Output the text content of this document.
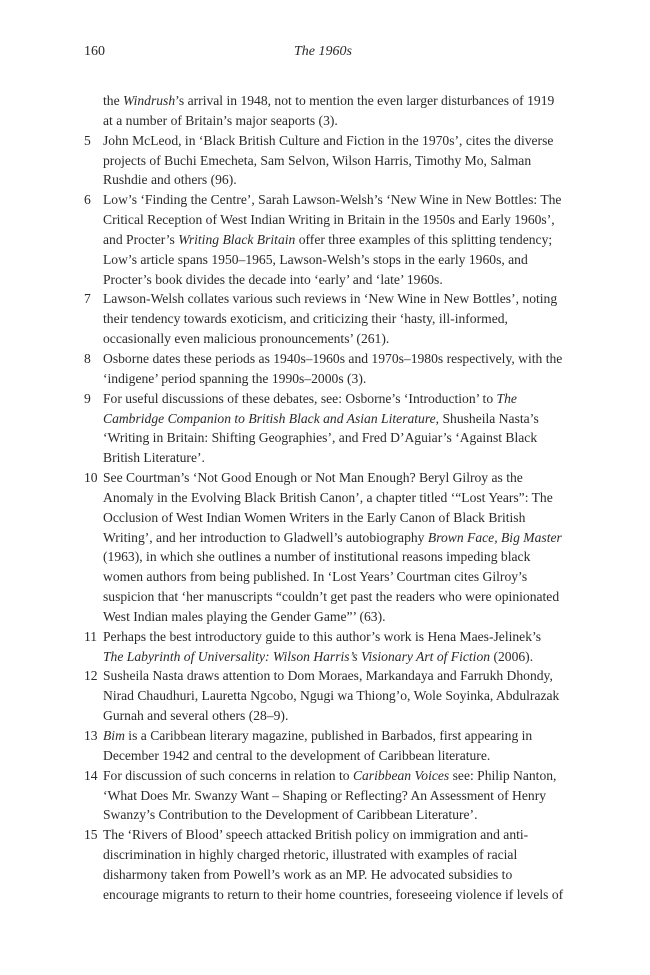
160	The 1960s
the Windrush’s arrival in 1948, not to mention the even larger disturbances of 1919 at a number of Britain’s major seaports (3).
5 John McLeod, in ‘Black British Culture and Fiction in the 1970s’, cites the diverse projects of Buchi Emecheta, Sam Selvon, Wilson Harris, Timothy Mo, Salman Rushdie and others (96).
6 Low’s ‘Finding the Centre’, Sarah Lawson-Welsh’s ‘New Wine in New Bottles: The Critical Reception of West Indian Writing in Britain in the 1950s and Early 1960s’, and Procter’s Writing Black Britain offer three examples of this splitting tendency; Low’s article spans 1950–1965, Lawson-Welsh’s stops in the early 1960s, and Procter’s book divides the decade into ‘early’ and ‘late’ 1960s.
7 Lawson-Welsh collates various such reviews in ‘New Wine in New Bottles’, noting their tendency towards exoticism, and criticizing their ‘hasty, ill-informed, occasionally even malicious pronouncements’ (261).
8 Osborne dates these periods as 1940s–1960s and 1970s–1980s respectively, with the ‘indigene’ period spanning the 1990s–2000s (3).
9 For useful discussions of these debates, see: Osborne’s ‘Introduction’ to The Cambridge Companion to British Black and Asian Literature, Shusheila Nasta’s ‘Writing in Britain: Shifting Geographies’, and Fred D’Aguiar’s ‘Against Black British Literature’.
10 See Courtman’s ‘Not Good Enough or Not Man Enough? Beryl Gilroy as the Anomaly in the Evolving Black British Canon’, a chapter titled ‘“Lost Years”: The Occlusion of West Indian Women Writers in the Early Canon of Black British Writing’, and her introduction to Gladwell’s autobiography Brown Face, Big Master (1963), in which she outlines a number of institutional reasons impeding black women authors from being published. In ‘Lost Years’ Courtman cites Gilroy’s suspicion that ‘her manuscripts “couldn’t get past the readers who were opinionated West Indian males playing the Gender Game”’ (63).
11 Perhaps the best introductory guide to this author’s work is Hena Maes-Jelinek’s The Labyrinth of Universality: Wilson Harris’s Visionary Art of Fiction (2006).
12 Susheila Nasta draws attention to Dom Moraes, Markandaya and Farrukh Dhondy, Nirad Chaudhuri, Lauretta Ngcobo, Ngugi wa Thiong’o, Wole Soyinka, Abdulrazak Gurnah and several others (28–9).
13 Bim is a Caribbean literary magazine, published in Barbados, first appearing in December 1942 and central to the development of Caribbean literature.
14 For discussion of such concerns in relation to Caribbean Voices see: Philip Nanton, ‘What Does Mr. Swanzy Want – Shaping or Reflecting? An Assessment of Henry Swanzy’s Contribution to the Development of Caribbean Literature’.
15 The ‘Rivers of Blood’ speech attacked British policy on immigration and anti-discrimination in highly charged rhetoric, illustrated with examples of racial disharmony taken from Powell’s work as an MP. He advocated subsidies to encourage migrants to return to their home countries, foreseeing violence if levels of
